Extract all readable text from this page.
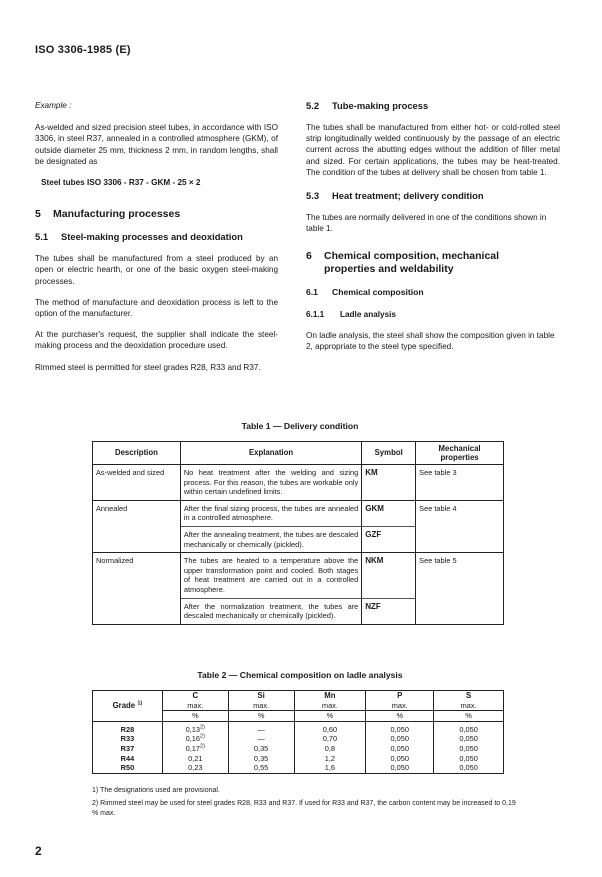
ISO 3306-1985 (E)

Example :

As-welded and sized precision steel tubes, in accordance with ISO 3306, in steel R37, annealed in a controlled atmosphere (GKM), of outside diameter 25 mm, thickness 2 mm, in random lengths, shall be designated as

Steel tubes ISO 3306 - R37 - GKM - 25 × 2

5 Manufacturing processes
5.1 Steel-making processes and deoxidation

The tubes shall be manufactured from a steel produced by an open or electric hearth, or one of the basic oxygen steel-making processes.

The method of manufacture and deoxidation process is left to the option of the manufacturer.

At the purchaser's request, the supplier shall indicate the steel-making process and the deoxidation procedure used.

Rimmed steel is permitted for steel grades R28, R33 and R37.

5.2 Tube-making process

The tubes shall be manufactured from either hot- or cold-rolled steel strip longitudinally welded continuously by the passage of an electric current across the abutting edges without the addition of filler metal and sized. For certain applications, the tubes may be heat-treated. The condition of the tubes at delivery shall be chosen from table 1.

5.3 Heat treatment; delivery condition

The tubes are normally delivered in one of the conditions shown in table 1.

6	Chemical composition, mechanical properties and weldability
6.1 Chemical composition
6.1.1 Ladle analysis

On ladle analysis, the steel shall show the composition given in table 2, appropriate to the steel type specified.

Table 1 — Delivery condition
Description	Explanation	Symbol	Mechanical properties
As-welded and sized	No heat treatment after the welding and sizing process. For this reason, the tubes are workable only within certain undefined limits.	KM	See table 3
Annealed	After the final sizing process, the tubes are annealed in a controlled atmosphere.	GKM	See table 4
	After the annealing treatment, the tubes are descaled mechanically or chemically (pickled).	GZF	
Normalized	The tubes are heated to a temperature above the upper transformation point and cooled. Both stages of heat treatment are carried out in a controlled atmosphere.	NKM	See table 5
	After the normalization treatment, the tubes are descaled mechanically or chemically (pickled).	NZF	
Table 2 — Chemical composition on ladle analysis
Grade $^{1)}$	C	Si	Mn	P	S
	max.	max.	max.	max.	max.
	%	%	%	%	%
R28	0,13$^{2)}$	—	0,60	0,050	0,050
R33	0,16$^{2)}$	—	0,70	0,050	0,050
R37	0,17$^{2)}$	0,35	0,8	0,050	0,050
R44	0,21	0,35	1,2	0,050	0,050
R50	0,23	0,55	1,6	0,050	0,050
1) The designations used are provisional.
2) Rimmed steel may be used for steel grades R28, R33 and R37. If used for R33 and R37, the carbon content may be increased to 0,19 % max.
2
